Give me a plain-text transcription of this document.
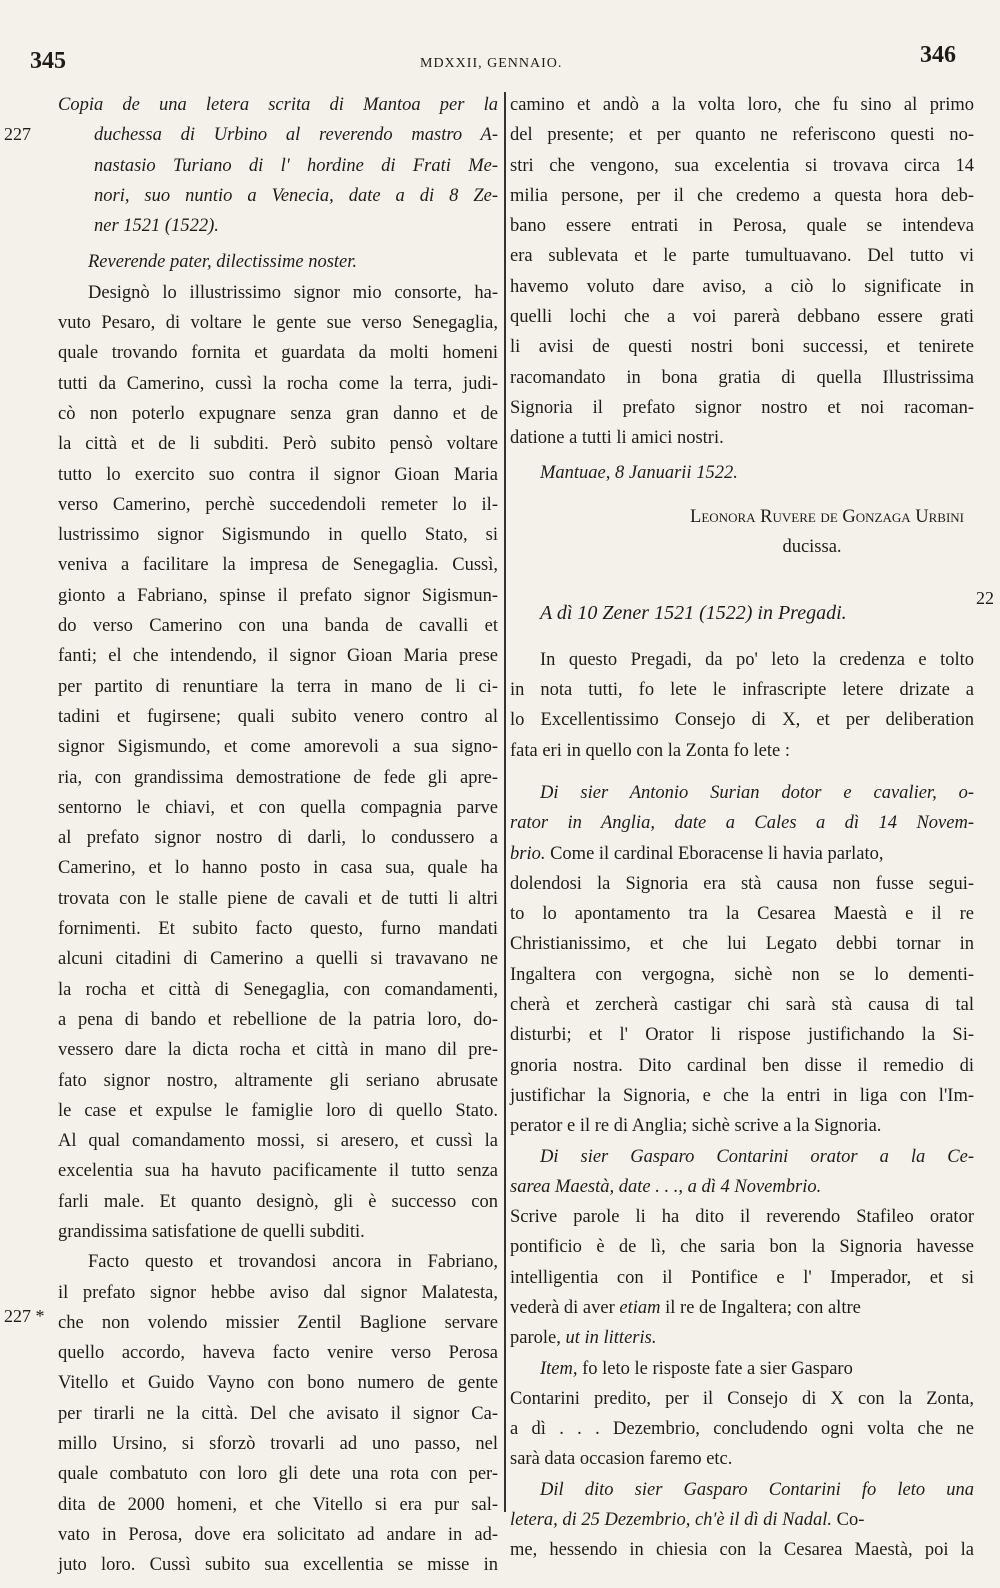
345	MDXXII, GENNAIO.	346
227
227 *
22
Copia de una letera scrita di Mantoa per la
duchessa di Urbino al reverendo mastro A-
nastasio Turiano di l' hordine di Frati Me-
nori, suo nuntio a Venecia, date a di 8 Ze-
ner 1521 (1522).
Reverende pater, dilectissime noster.
Designò lo illustrissimo signor mio consorte, ha-
vuto Pesaro, di voltare le gente sue verso Senegaglia,
quale trovando fornita et guardata da molti homeni
tutti da Camerino, cussì la rocha come la terra, judi-
cò non poterlo expugnare senza gran danno et de
la città et de li subditi. Però subito pensò voltare
tutto lo exercito suo contra il signor Gioan Maria
verso Camerino, perchè succedendoli remeter lo il-
lustrissimo signor Sigismundo in quello Stato, si
veniva a facilitare la impresa de Senegaglia. Cussì,
gionto a Fabriano, spinse il prefato signor Sigismun-
do verso Camerino con una banda de cavalli et
fanti; el che intendendo, il signor Gioan Maria prese
per partito di renuntiare la terra in mano de li ci-
tadini et fugirsene; quali subito venero contro al
signor Sigismundo, et come amorevoli a sua signo-
ria, con grandissima demostratione de fede gli apre-
sentorno le chiavi, et con quella compagnia parve
al prefato signor nostro di darli, lo condussero a
Camerino, et lo hanno posto in casa sua, quale ha
trovata con le stalle piene de cavali et de tutti li altri
fornimenti. Et subito facto questo, furno mandati
alcuni citadini di Camerino a quelli si travavano ne
la rocha et città di Senegaglia, con comandamenti,
a pena di bando et rebellione de la patria loro, do-
vessero dare la dicta rocha et città in mano dil pre-
fato signor nostro, altramente gli seriano abrusate
le case et expulse le famiglie loro di quello Stato.
Al qual comandamento mossi, si aresero, et cussì la
excelentia sua ha havuto pacificamente il tutto senza
farli male. Et quanto designò, gli è successo con
grandissima satisfatione de quelli subditi.
Facto questo et trovandosi ancora in Fabriano,
il prefato signor hebbe aviso dal signor Malatesta,
che non volendo missier Zentil Baglione servare
quello accordo, haveva facto venire verso Perosa
Vitello et Guido Vayno con bono numero de gente
per tirarli ne la città. Del che avisato il signor Ca-
millo Ursino, si sforzò trovarli ad uno passo, nel
quale combatuto con loro gli dete una rota con per-
dita de 2000 homeni, et che Vitello si era pur sal-
vato in Perosa, dove era solicitato ad andare in ad-
juto loro. Cussì subito sua excellentia se misse in
camino et andò a la volta loro, che fu sino al primo
del presente; et per quanto ne referiscono questi no-
stri che vengono, sua excelentia si trovava circa 14
milia persone, per il che credemo a questa hora deb-
bano essere entrati in Perosa, quale se intendeva
era sublevata et le parte tumultuavano. Del tutto vi
havemo voluto dare aviso, a ciò lo significate in
quelli lochi che a voi parerà debbano essere grati
li avisi de questi nostri boni successi, et tenirete
racomandato in bona gratia di quella Illustrissima
Signoria il prefato signor nostro et noi racoman-
datione a tutti li amici nostri.
Mantuae, 8 Januarii 1522.
Leonora Ruvere de Gonzaga Urbini
ducissa.
A dì 10 Zener 1521 (1522) in Pregadi.
In questo Pregadi, da po' leto la credenza e tolto
in nota tutti, fo lete le infrascripte letere drizate a
lo Excellentissimo Consejo di X, et per deliberation
fata eri in quello con la Zonta fo lete :
Di sier Antonio Surian dotor e cavalier, o-
rator in Anglia, date a Cales a dì 14 Novem-
brio. Come il cardinal Eboracense li havia parlato,
dolendosi la Signoria era stà causa non fusse segui-
to lo apontamento tra la Cesarea Maestà e il re
Christianissimo, et che lui Legato debbi tornar in
Ingaltera con vergogna, sichè non se lo dementi-
cherà et zercherà castigar chi sarà stà causa di tal
disturbi; et l' Orator li rispose justifichando la Si-
gnoria nostra. Dito cardinal ben disse il remedio di
justifichar la Signoria, e che la entri in liga con l'Im-
perator e il re di Anglia; sichè scrive a la Signoria.
Di sier Gasparo Contarini orator a la Ce-
sarea Maestà, date . . ., a dì 4 Novembrio.
Scrive parole li ha dito il reverendo Stafileo orator
pontificio è de lì, che saria bon la Signoria havesse
intelligentia con il Pontifice e l' Imperador, et si
vederà di aver etiam il re de Ingaltera; con altre
parole, ut in litteris.
Item, fo leto le risposte fate a sier Gasparo
Contarini predito, per il Consejo di X con la Zonta,
a dì . . . Dezembrio, concludendo ogni volta che ne
sarà data occasion faremo etc.
Dil dito sier Gasparo Contarini fo leto una
letera, di 25 Dezembrio, ch'è il dì di Nadal. Co-
me, hessendo in chiesia con la Cesarea Maestà, poi la
